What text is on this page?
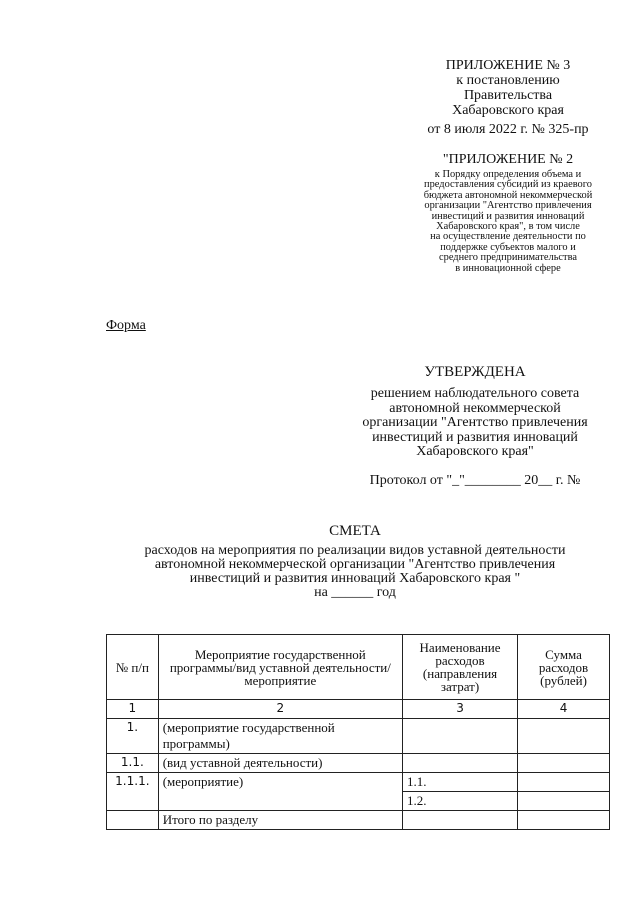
ПРИЛОЖЕНИЕ № 3
к постановлению
Правительства
Хабаровского края
от 8 июля 2022 г. № 325-пр
"ПРИЛОЖЕНИЕ № 2
к Порядку определения объема и
предоставления субсидий из краевого
бюджета автономной некоммерческой
организации "Агентство привлечения
инвестиций и развития инноваций
Хабаровского края", в том числе
на осуществление деятельности по
поддержке субъектов малого и
среднего предпринимательства
в инновационной сфере
Форма
УТВЕРЖДЕНА
решением наблюдательного совета
автономной некоммерческой
организации "Агентство привлечения
инвестиций и развития инноваций
Хабаровского края"
Протокол от "_"________ 20__ г. №
СМЕТА
расходов на мероприятия по реализации видов уставной деятельности
автономной некоммерческой организации "Агентство привлечения
инвестиций и развития инноваций Хабаровского края "
на ______ год
№ п/п	Мероприятие государственной программы/вид уставной деятельности/мероприятие	Наименование расходов (направления затрат)	Сумма расходов (рублей)
1	2	3	4
1.	(мероприятие государственной программы)		
1.1.	(вид уставной деятельности)		
1.1.1.	(мероприятие)	1.1.	
		1.2.	
	Итого по разделу		
